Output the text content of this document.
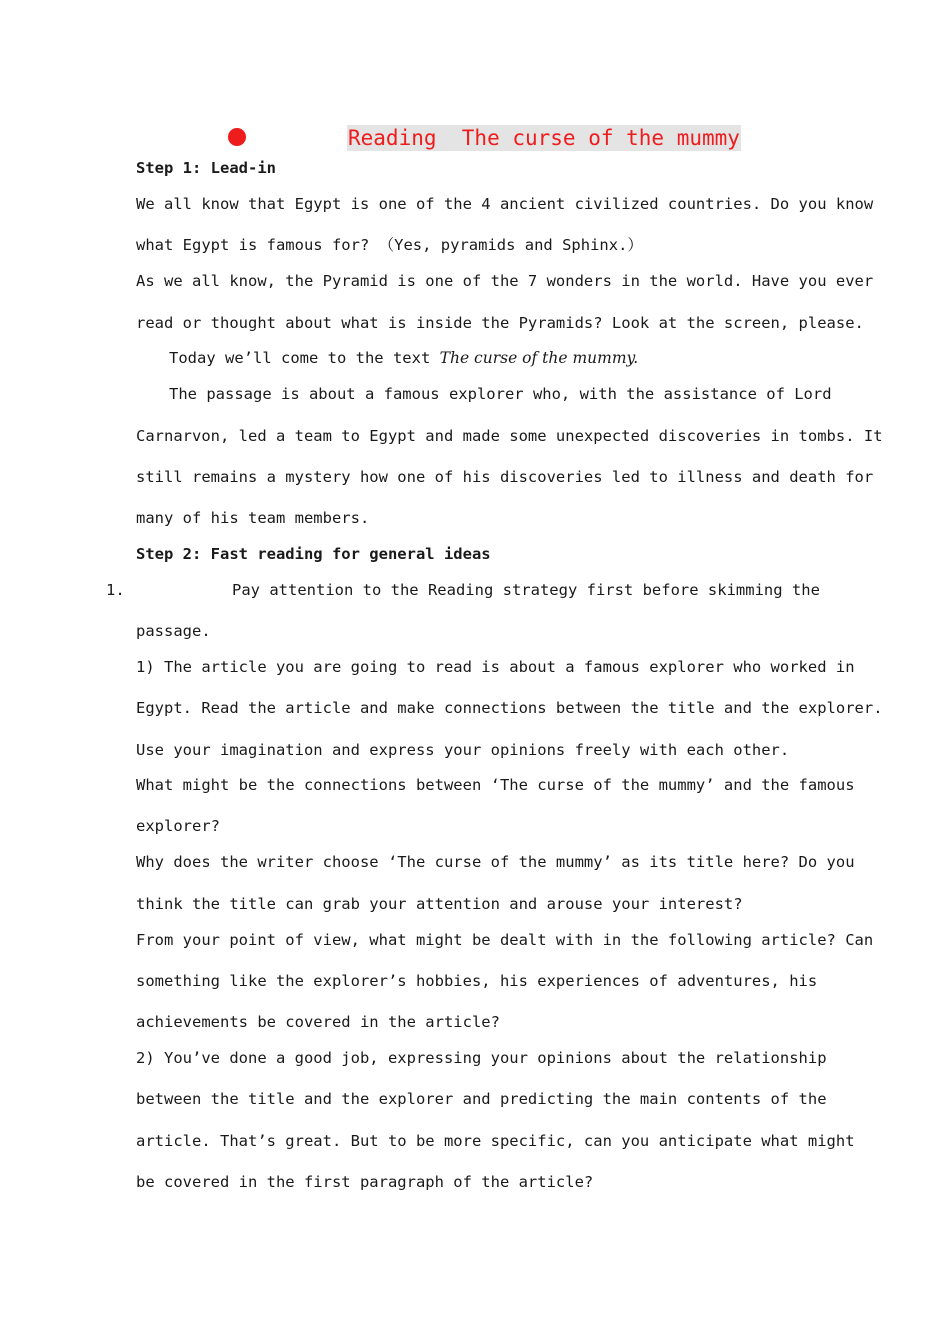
Reading  The curse of the mummy

Step 1: Lead-in

We all know that Egypt is one of the 4 ancient civilized countries. Do you know

what Egypt is famous for? （Yes, pyramids and Sphinx.）

As we all know, the Pyramid is one of the 7 wonders in the world. Have you ever

read or thought about what is inside the Pyramids? Look at the screen, please.

Today we’ll come to the text The curse of the mummy.

The passage is about a famous explorer who, with the assistance of Lord

Carnarvon, led a team to Egypt and made some unexpected discoveries in tombs. It

still remains a mystery how one of his discoveries led to illness and death for

many of his team members.

Step 2: Fast reading for general ideas

1.	Pay attention to the Reading strategy first before skimming the

passage.

1) The article you are going to read is about a famous explorer who worked in

Egypt. Read the article and make connections between the title and the explorer.

Use your imagination and express your opinions freely with each other.

What might be the connections between ‘The curse of the mummy’ and the famous

explorer?

Why does the writer choose ‘The curse of the mummy’ as its title here? Do you

think the title can grab your attention and arouse your interest?

From your point of view, what might be dealt with in the following article? Can

something like the explorer’s hobbies, his experiences of adventures, his

achievements be covered in the article?

2) You’ve done a good job, expressing your opinions about the relationship

between the title and the explorer and predicting the main contents of the

article. That’s great. But to be more specific, can you anticipate what might

be covered in the first paragraph of the article?
